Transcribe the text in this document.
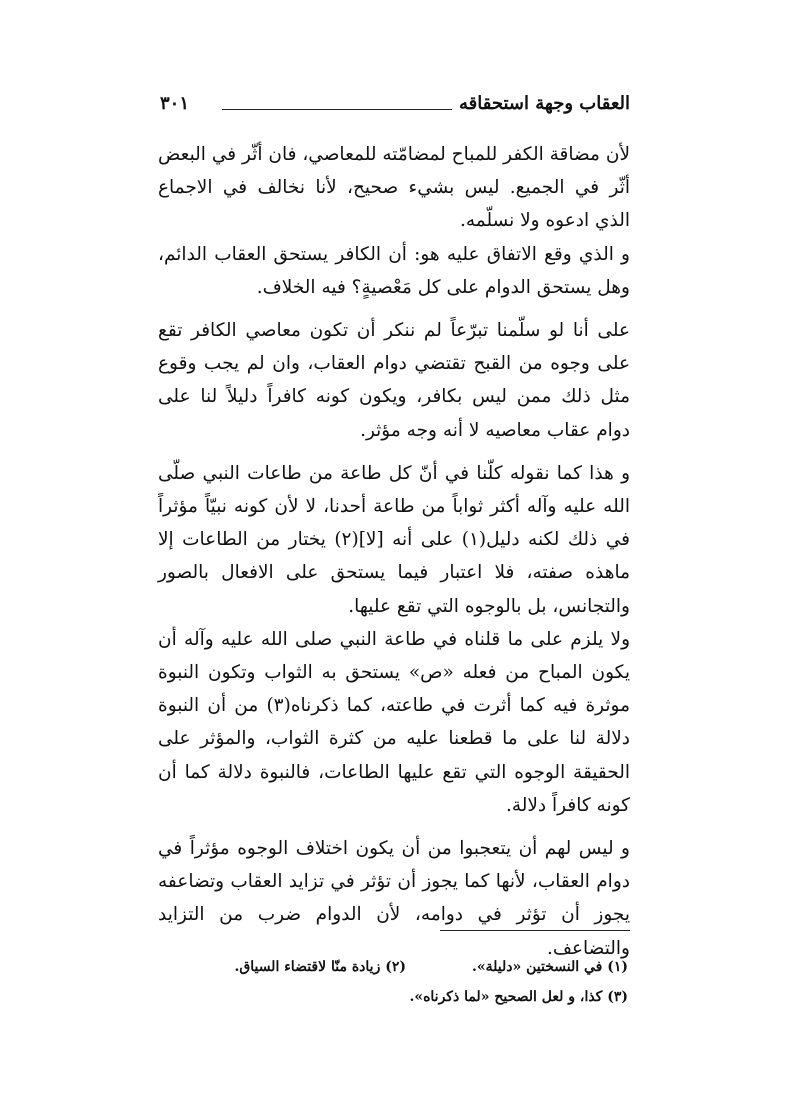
العقاب وجهة استحقاقه
٣٠١

لأن مضاقة الكفر للمباح لمضامّته للمعاصي، فان أثّر في البعض أثّر في الجميع. ليس بشيء صحيح، لأنا نخالف في الاجماع الذي ادعوه ولا نسلّمه.

و الذي وقع الاتفاق عليه هو: أن الكافر يستحق العقاب الدائم، وهل يستحق الدوام على كل مَعْصيةٍ؟ فيه الخلاف.

على أنا لو سلّمنا تبرّعاً لم ننكر أن تكون معاصي الكافر تقع على وجوه من القبح تقتضي دوام العقاب، وان لم يجب وقوع مثل ذلك ممن ليس بكافر، ويكون كونه كافراً دليلاً لنا على دوام عقاب معاصيه لا أنه وجه مؤثر.

و هذا كما نقوله كلّنا في أنّ كل طاعة من طاعات النبي صلّى الله عليه وآله أكثر ثواباً من طاعة أحدنا، لا لأن كونه نبيّاً مؤثراً في ذلك لكنه دليل(١) على أنه [لا](٢) يختار من الطاعات إلا ماهذه صفته، فلا اعتبار فيما يستحق على الافعال بالصور والتجانس، بل بالوجوه التي تقع عليها.

ولا يلزم على ما قلناه في طاعة النبي صلى الله عليه وآله أن يكون المباح من فعله «ص» يستحق به الثواب وتكون النبوة موثرة فيه كما أثرت في طاعته، كما ذكرناه(٣) من أن النبوة دلالة لنا على ما قطعنا عليه من كثرة الثواب، والمؤثر على الحقيقة الوجوه التي تقع عليها الطاعات، فالنبوة دلالة كما أن كونه كافراً دلالة.

و ليس لهم أن يتعجبوا من أن يكون اختلاف الوجوه مؤثراً في دوام العقاب، لأنها كما يجوز أن تؤثر في تزايد العقاب وتضاعفه يجوز أن تؤثر في دوامه، لأن الدوام ضرب من التزايد والتضاعف.

(١) في النسختين «دليلة».
(٢) زيادة منّا لاقتضاء السياق.
(٣) كذا، و لعل الصحيح «لما ذكرناه».
